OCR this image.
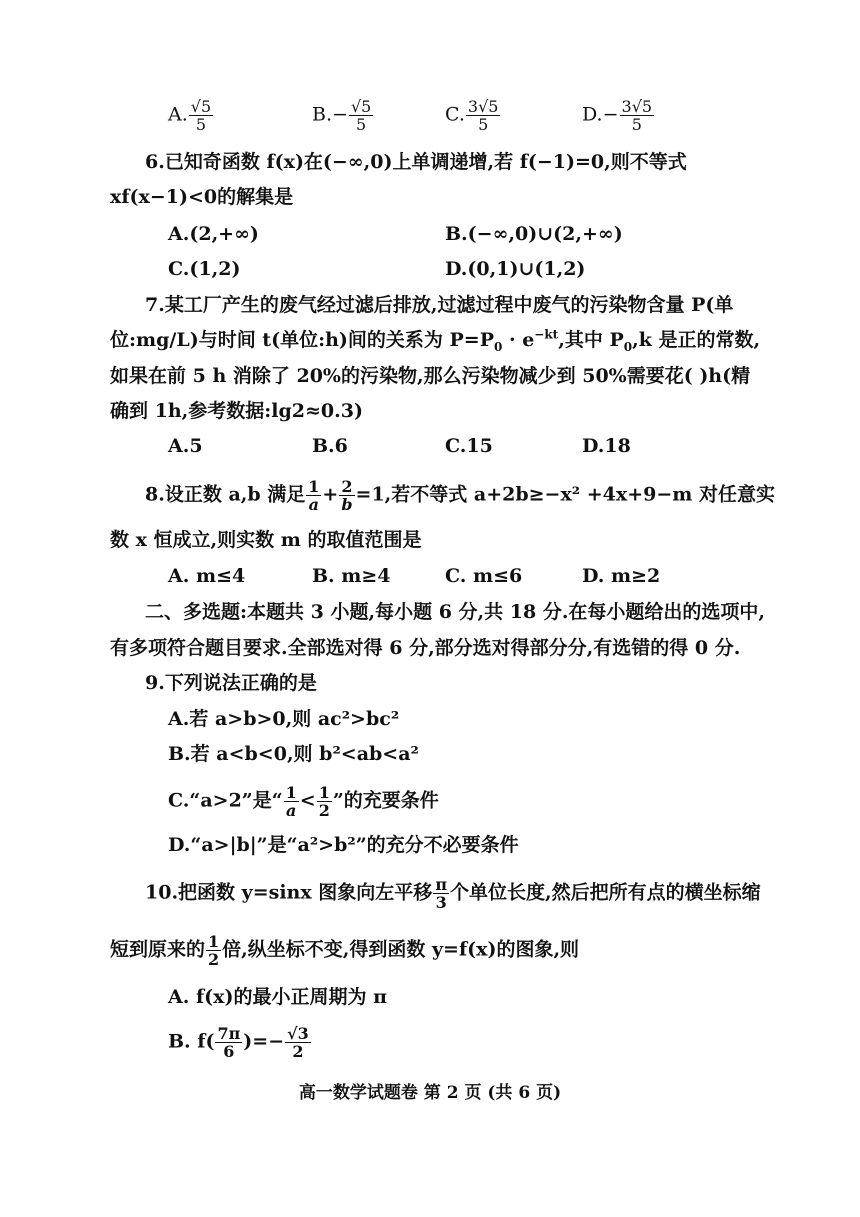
A. $\frac{√5}{5}$	$B.- \frac{√5}{5}$	C. $\frac{3√5}{5}$	$D.- \frac{3√5}{5}$
6.已知奇函数 f(x)在(−∞,0)上单调递增,若 f(−1)=0,则不等式
xf(x−1)<0的解集是
A.(2,+∞)	B.(−∞,0)∪(2,+∞)
C.(1,2)	D.(0,1)∪(1,2)
7.某工厂产生的废气经过滤后排放,过滤过程中废气的污染物含量 P(单
位:mg/L)与时间 t(单位:h)间的关系为 $P=P_0 \cdot e^{-kt}$,其中 $P_0,k$ 是正的常数,
如果在前 5 h 消除了 20%的污染物,那么污染物减少到 50%需要花( )h(精
确到 1h,参考数据:lg2≈0.3)
A.5	B.6	C.15	D.18
8.设正数 a,b 满足 $\frac{1}{a} + \frac{2}{b} =1$,若不等式 a+2b≥−x² +4x+9−m 对任意实
数 x 恒成立,则实数 m 的取值范围是
A. m≤4	B. m≥4	C. m≤6	D. m≥2
二、多选题:本题共 3 小题,每小题 6 分,共 18 分.在每小题给出的选项中,
有多项符合题目要求.全部选对得 6 分,部分选对得部分分,有选错的得 0 分.
9.下列说法正确的是
A.若 a>b>0,则 ac²>bc²
B.若 a<b<0,则 b²<ab<a²
C.“a>2”是“ $\frac{1}{a} < \frac{1}{2}$ ”的充要条件
D.“a>|b|”是“a²>b²”的充分不必要条件
10.把函数 y=sinx 图象向左平移 $\frac{\pi}{3}$ 个单位长度,然后把所有点的横坐标缩
短到原来的 $\frac{1}{2}$ 倍,纵坐标不变,得到函数 y=f(x)的图象,则
A. f(x)的最小正周期为 π
B. $f( \frac{7\pi}{6}$ )=− $\frac{√3}{2}$
高一数学试题卷 第 2 页 (共 6 页)
